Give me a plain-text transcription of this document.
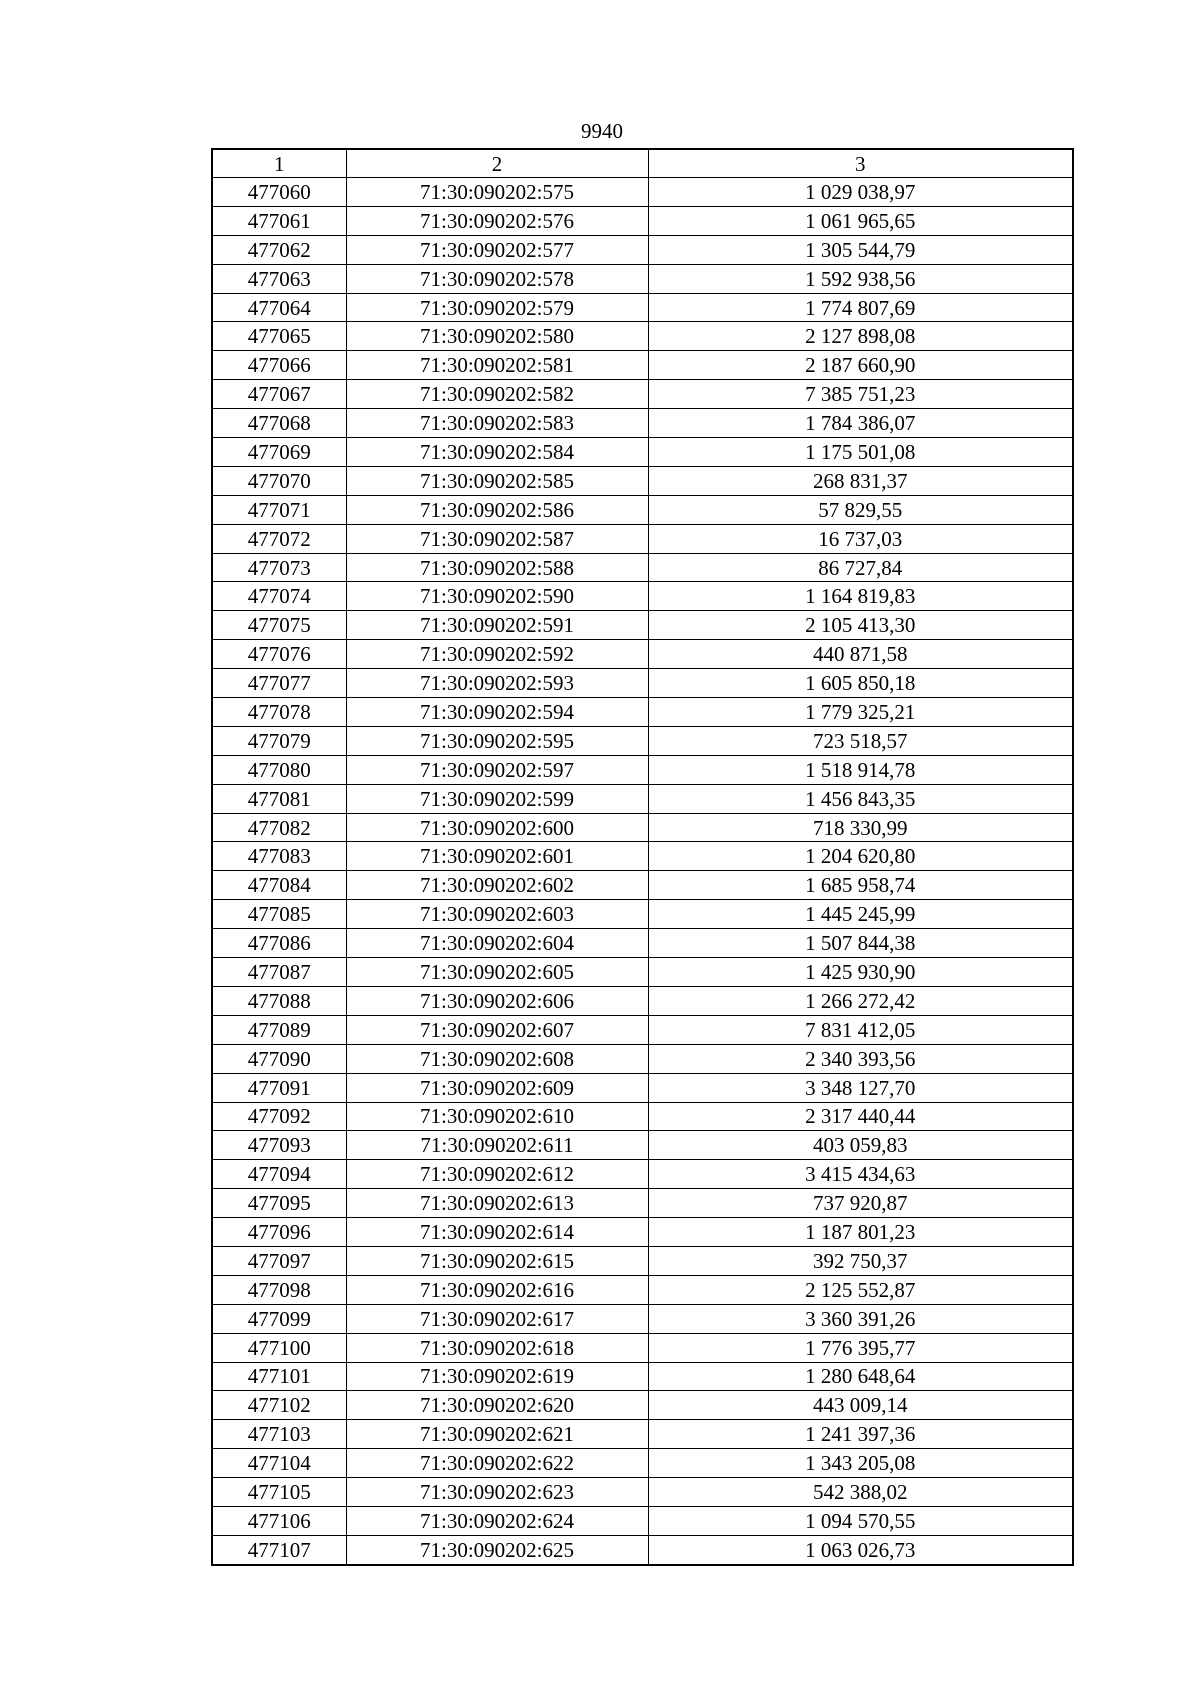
9940
1	2	3
477060	71:30:090202:575	1 029 038,97
477061	71:30:090202:576	1 061 965,65
477062	71:30:090202:577	1 305 544,79
477063	71:30:090202:578	1 592 938,56
477064	71:30:090202:579	1 774 807,69
477065	71:30:090202:580	2 127 898,08
477066	71:30:090202:581	2 187 660,90
477067	71:30:090202:582	7 385 751,23
477068	71:30:090202:583	1 784 386,07
477069	71:30:090202:584	1 175 501,08
477070	71:30:090202:585	268 831,37
477071	71:30:090202:586	57 829,55
477072	71:30:090202:587	16 737,03
477073	71:30:090202:588	86 727,84
477074	71:30:090202:590	1 164 819,83
477075	71:30:090202:591	2 105 413,30
477076	71:30:090202:592	440 871,58
477077	71:30:090202:593	1 605 850,18
477078	71:30:090202:594	1 779 325,21
477079	71:30:090202:595	723 518,57
477080	71:30:090202:597	1 518 914,78
477081	71:30:090202:599	1 456 843,35
477082	71:30:090202:600	718 330,99
477083	71:30:090202:601	1 204 620,80
477084	71:30:090202:602	1 685 958,74
477085	71:30:090202:603	1 445 245,99
477086	71:30:090202:604	1 507 844,38
477087	71:30:090202:605	1 425 930,90
477088	71:30:090202:606	1 266 272,42
477089	71:30:090202:607	7 831 412,05
477090	71:30:090202:608	2 340 393,56
477091	71:30:090202:609	3 348 127,70
477092	71:30:090202:610	2 317 440,44
477093	71:30:090202:611	403 059,83
477094	71:30:090202:612	3 415 434,63
477095	71:30:090202:613	737 920,87
477096	71:30:090202:614	1 187 801,23
477097	71:30:090202:615	392 750,37
477098	71:30:090202:616	2 125 552,87
477099	71:30:090202:617	3 360 391,26
477100	71:30:090202:618	1 776 395,77
477101	71:30:090202:619	1 280 648,64
477102	71:30:090202:620	443 009,14
477103	71:30:090202:621	1 241 397,36
477104	71:30:090202:622	1 343 205,08
477105	71:30:090202:623	542 388,02
477106	71:30:090202:624	1 094 570,55
477107	71:30:090202:625	1 063 026,73
